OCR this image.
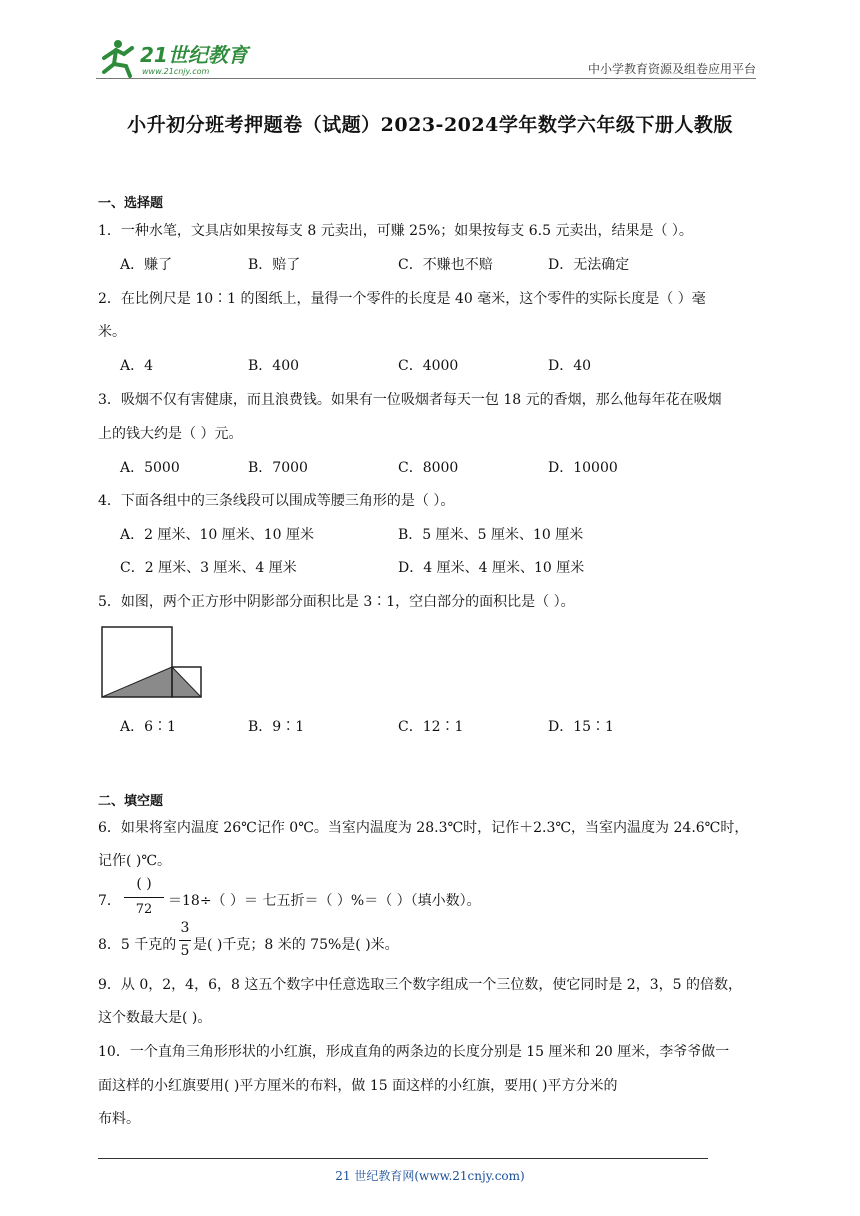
21世纪教育
www.21cnjy.com	中小学教育资源及组卷应用平台
小升初分班考押题卷（试题）2023-2024学年数学六年级下册人教版
一、选择题
1．一种水笔，文具店如果按每支 8 元卖出，可赚 25%；如果按每支 6.5 元卖出，结果是（ ）。
A．赚了	B．赔了	C．不赚也不赔	D．无法确定
2．在比例尺是 10∶1 的图纸上，量得一个零件的长度是 40 毫米，这个零件的实际长度是（ ）毫
米。
A．4	B．400	C．4000	D．40
3．吸烟不仅有害健康，而且浪费钱。如果有一位吸烟者每天一包 18 元的香烟，那么他每年花在吸烟
上的钱大约是（ ）元。
A．5000	B．7000	C．8000	D．10000
4．下面各组中的三条线段可以围成等腰三角形的是（ ）。
A．2 厘米、10 厘米、10 厘米	B．5 厘米、5 厘米、10 厘米
C．2 厘米、3 厘米、4 厘米	D．4 厘米、4 厘米、10 厘米
5．如图，两个正方形中阴影部分面积比是 3∶1，空白部分的面积比是（ ）。
A．6∶1	B．9∶1	C．12∶1	D．15∶1
二、填空题
6．如果将室内温度 26℃记作 0℃。当室内温度为 28.3℃时，记作＋2.3℃，当室内温度为 24.6℃时，
记作( )℃。
7．
( )
72
＝18÷（ ）＝ 七五折＝（ ）%＝（ ）（填小数）。
8．5 千克的
3
5 是( )千克；8 米的 75%是( )米。
9．从 0，2，4，6，8 这五个数字中任意选取三个数字组成一个三位数，使它同时是 2，3，5 的倍数，
这个数最大是( )。
10．一个直角三角形形状的小红旗，形成直角的两条边的长度分别是 15 厘米和 20 厘米，李爷爷做一
面这样的小红旗要用( )平方厘米的布料，做 15 面这样的小红旗，要用( )平方分米的
布料。
21 世纪教育网(www.21cnjy.com)
